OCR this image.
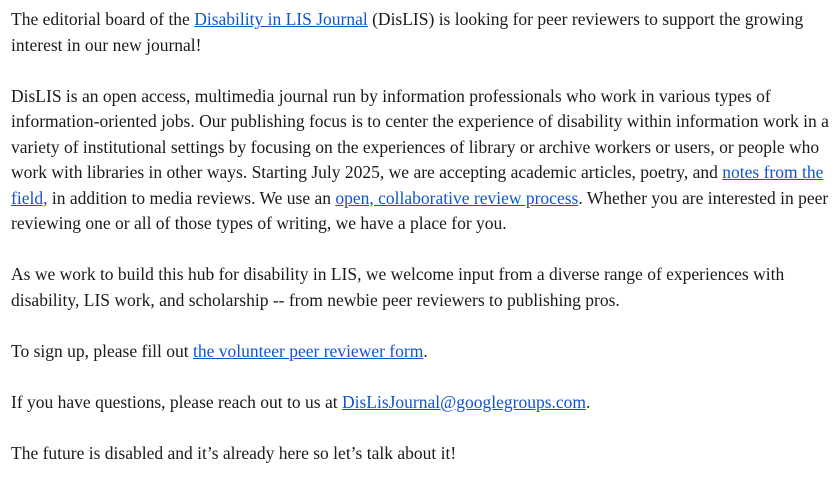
The editorial board of the Disability in LIS Journal (DisLIS) is looking for peer reviewers to support the growing interest in our new journal!

DisLIS is an open access, multimedia journal run by information professionals who work in various types of information-oriented jobs. Our publishing focus is to center the experience of disability within information work in a variety of institutional settings by focusing on the experiences of library or archive workers or users, or people who work with libraries in other ways. Starting July 2025, we are accepting academic articles, poetry, and notes from the field, in addition to media reviews. We use an open, collaborative review process. Whether you are interested in peer reviewing one or all of those types of writing, we have a place for you.

As we work to build this hub for disability in LIS, we welcome input from a diverse range of experiences with disability, LIS work, and scholarship -- from newbie peer reviewers to publishing pros.

To sign up, please fill out the volunteer peer reviewer form.

If you have questions, please reach out to us at DisLisJournal@googlegroups.com.

The future is disabled and it’s already here so let’s talk about it!
